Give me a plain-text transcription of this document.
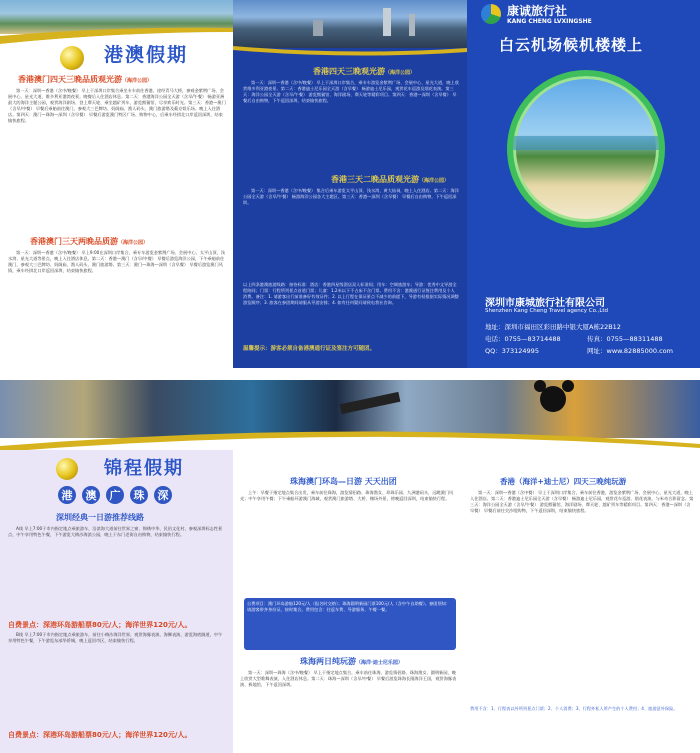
港澳假期
香港澳门四天三晚品质观光游（海洋公园）
第一天：深圳—香港（含中/晚餐） 早上于深圳口岸集合乘坐专车前往香港，途经青马大桥，参观金紫荆广场、会展中心、星光大道，维多利亚港湾夜景。晚餐后入住酒店休息。第二天：香港海洋公园全天游（含早/午餐） 畅游亚洲最大的海洋主题公园，观赏海洋剧场、登上摩天轮、乘坐越矿列车，游览熊猫馆，尽享欢乐时光。第三天：香港—澳门（含早/中餐） 早餐后乘船前往澳门，参观大三巴牌坊、妈阁庙、渔人码头、澳门旅游塔及葡京娱乐场。晚上入住酒店。第四天：澳门—珠海—深圳（含早餐） 早餐后游览澳门特区广场、购物中心，后乘车经拱北口岸返回深圳，结束愉快旅程。
香港澳门三天两晚品质游（海洋公园）
第一天：深圳—香港（含中/晚餐） 早上9:00在深圳口岸集合，乘专车游览金紫荆广场、会展中心、太平山顶、浅水湾、星光大道等景点，晚上入住酒店休息。第二天：香港—澳门（含早/中餐） 早餐后游览海洋公园，下午乘船前往澳门，参观大三巴牌坊、妈阁庙、渔人码头、澳门旅游塔。第三天：澳门—珠海—深圳（含早餐） 早餐后游览澳门风情，乘车经拱北口岸返回深圳，结束愉快旅程。
香港四天三晚观光游（海洋公园）
第一天：深圳—香港（含中/晚餐） 早上于深圳口岸集合，乘专车游览金紫荆广场、会展中心、星光大道，晚上欣赏维多利亚港夜景。第二天：香港迪士尼乐园全天游（含早餐） 畅游迪士尼乐园，观赏花车巡游及烟花表演。第三天：海洋公园全天游（含早/午餐） 游览熊猫馆、海洋剧场、摩天轮等精彩项目。第四天：香港—深圳（含早餐） 早餐后自由购物，下午返回深圳，结束愉快旅程。
香港三天二晚品质观光游（海洋公园）
第一天：深圳—香港（含中/晚餐） 集合后乘车游览太平山顶、浅水湾、黄大仙祠，晚上入住酒店。第二天：海洋公园全天游（含早/午餐） 畅游海洋公园各大主题区。第三天：香港—深圳（含早餐） 早餐后自由购物，下午返回深圳。
以上四条港澳旅游线路：接待标准：酒店：香港四星级酒店双人标准间；用车：空调旅游车；导游：优秀中文导游全程陪同；门票：行程所列景点首道门票；儿童：1.2米以下不占床不含门票。费用不含：港澳通行证签注费用及个人消费。备注：1. 请游客出行前准备好有效证件；2. 以上行程在保证景点不减少的前提下，导游有权根据实际情况调整游览顺序；3. 旅客在参团期间请服从导游安排；4. 如有任何疑问请致电我社咨询。
温馨提示：游客必须自备港澳通行证及签注方可随团。
康诚旅行社
KANG CHENG LVXINGSHE
白云机场候机楼楼上
深圳市康城旅行社有限公司
Shenzhen Kang Cheng Travel agency Co.,Ltd
地址：深圳市福田区彩田路中银大厦A栋22B12
电话：0755—83714488	传真：0755—88311488
QQ：373124995	网址：www.82885000.com
锦程假期
港	澳	广	珠	深
深圳经典一日游推荐线路
A线 早上7:00于市内指定地点乘旅游车，沿滨海大道前往世界之窗、锦绣中华、民俗文化村，参观深圳标志性景点，中午享用特色午餐，下午游览大梅沙海滨公园，晚上于东门老街自由购物，结束愉快行程。
自费景点：深港环岛游船票80元/人；海洋世界120元/人。
B线 早上7:00于市内指定地点乘旅游车，前往小梅沙海洋世界，观赏海豚表演、海狮表演，游览海底隧道，中午享用特色午餐，下午游览东部华侨城，晚上返回市区，结束愉快行程。
自费景点：深港环岛游船票80元/人；海洋世界120元/人。
珠海澳门环岛—日游 天天出团
上午：早餐于指定地点集合出发，乘车前往珠海，游览情侣路、珠海渔女、珍珠乐园、九洲港码头，远眺澳门风光；中午享用午餐；下午乘船环游澳门海域，观赏澳门旅游塔、大桥、赌场外景，傍晚返回深圳，结束愉快行程。
自费项目：澳门环岛游船120元/人（报名时交纳）；珠海圆明新园门票100元/人（含中午自助餐）。参团须知：请游客带齐身份证，按时集合。费用包含：往返车费、导游服务、午餐一餐。
珠海两日纯玩游（海洋·迪士尼乐园）
第一天：深圳—珠海（含中/晚餐） 早上于指定地点集合，乘车前往珠海，游览情侣路、珠海渔女、圆明新园，晚上欣赏大型歌舞表演，入住酒店休息。第二天：珠海—深圳（含早/中餐） 早餐后游览珠海长隆海洋王国，观赏海豚表演、极地馆，下午返回深圳。
香港（海洋+迪士尼）四天三晚纯玩游
第一天：深圳—香港（含中餐） 早上于深圳口岸集合，乘车前往香港，游览金紫荆广场、会展中心、星光大道，晚上入住酒店。第二天：香港迪士尼乐园全天游（含早餐） 畅游迪士尼乐园，观赏花车巡游、烟花表演，与米奇合影留念。第三天：海洋公园全天游（含早/午餐） 游览熊猫馆、海洋剧场、摩天轮、越矿列车等精彩项目。第四天：香港—深圳（含早餐） 早餐后前往尖沙咀购物，下午返回深圳，结束愉快旅程。
费用不含：1、行程表以外所列景点门票；2、个人消费；3、行程外私人所产生的个人费用；4、旅游意外保险。
